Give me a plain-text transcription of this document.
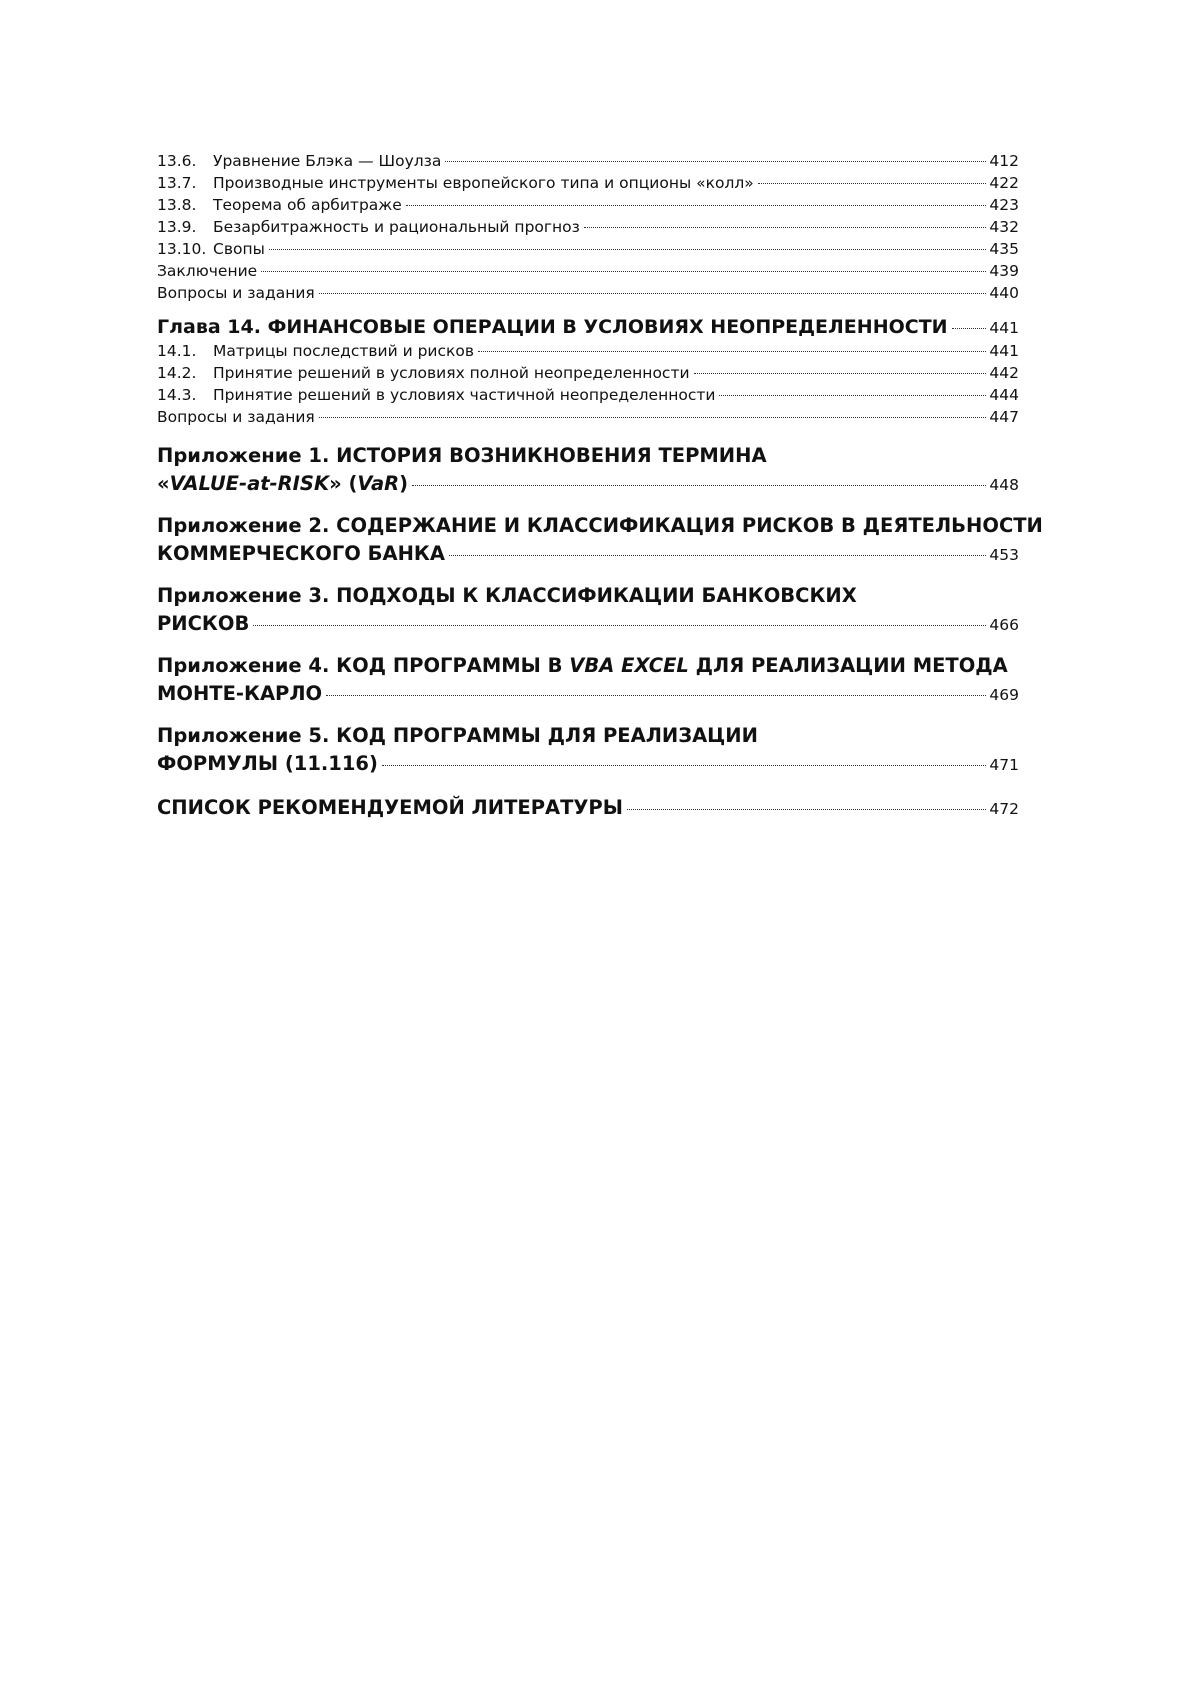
13.6.	Уравнение Блэка — Шоулза	412
13.7.	Производные инструменты европейского типа и опционы «колл»	422
13.8.	Теорема об арбитраже	423
13.9.	Безарбитражность и рациональный прогноз	432
13.10. Свопы	435
Заключение	439
Вопросы и задания	440
Глава 14. ФИНАНСОВЫЕ ОПЕРАЦИИ В УСЛОВИЯХ НЕОПРЕДЕЛЕННОСТИ	441
14.1.	Матрицы последствий и рисков	441
14.2.	Принятие решений в условиях полной неопределенности	442
14.3.	Принятие решений в условиях частичной неопределенности	444
Вопросы и задания	447
Приложение 1. ИСТОРИЯ ВОЗНИКНОВЕНИЯ ТЕРМИНА
«VALUE-at-RISK» (VaR)	448
Приложение 2. СОДЕРЖАНИЕ И КЛАССИФИКАЦИЯ РИСКОВ В ДЕЯТЕЛЬНОСТИ
КОММЕРЧЕСКОГО БАНКА	453
Приложение 3. ПОДХОДЫ К КЛАССИФИКАЦИИ БАНКОВСКИХ
РИСКОВ	466
Приложение 4. КОД ПРОГРАММЫ В VBA EXCEL ДЛЯ РЕАЛИЗАЦИИ МЕТОДА
МОНТЕ-КАРЛО	469
Приложение 5. КОД ПРОГРАММЫ ДЛЯ РЕАЛИЗАЦИИ
ФОРМУЛЫ (11.116)	471
СПИСОК РЕКОМЕНДУЕМОЙ ЛИТЕРАТУРЫ	472
